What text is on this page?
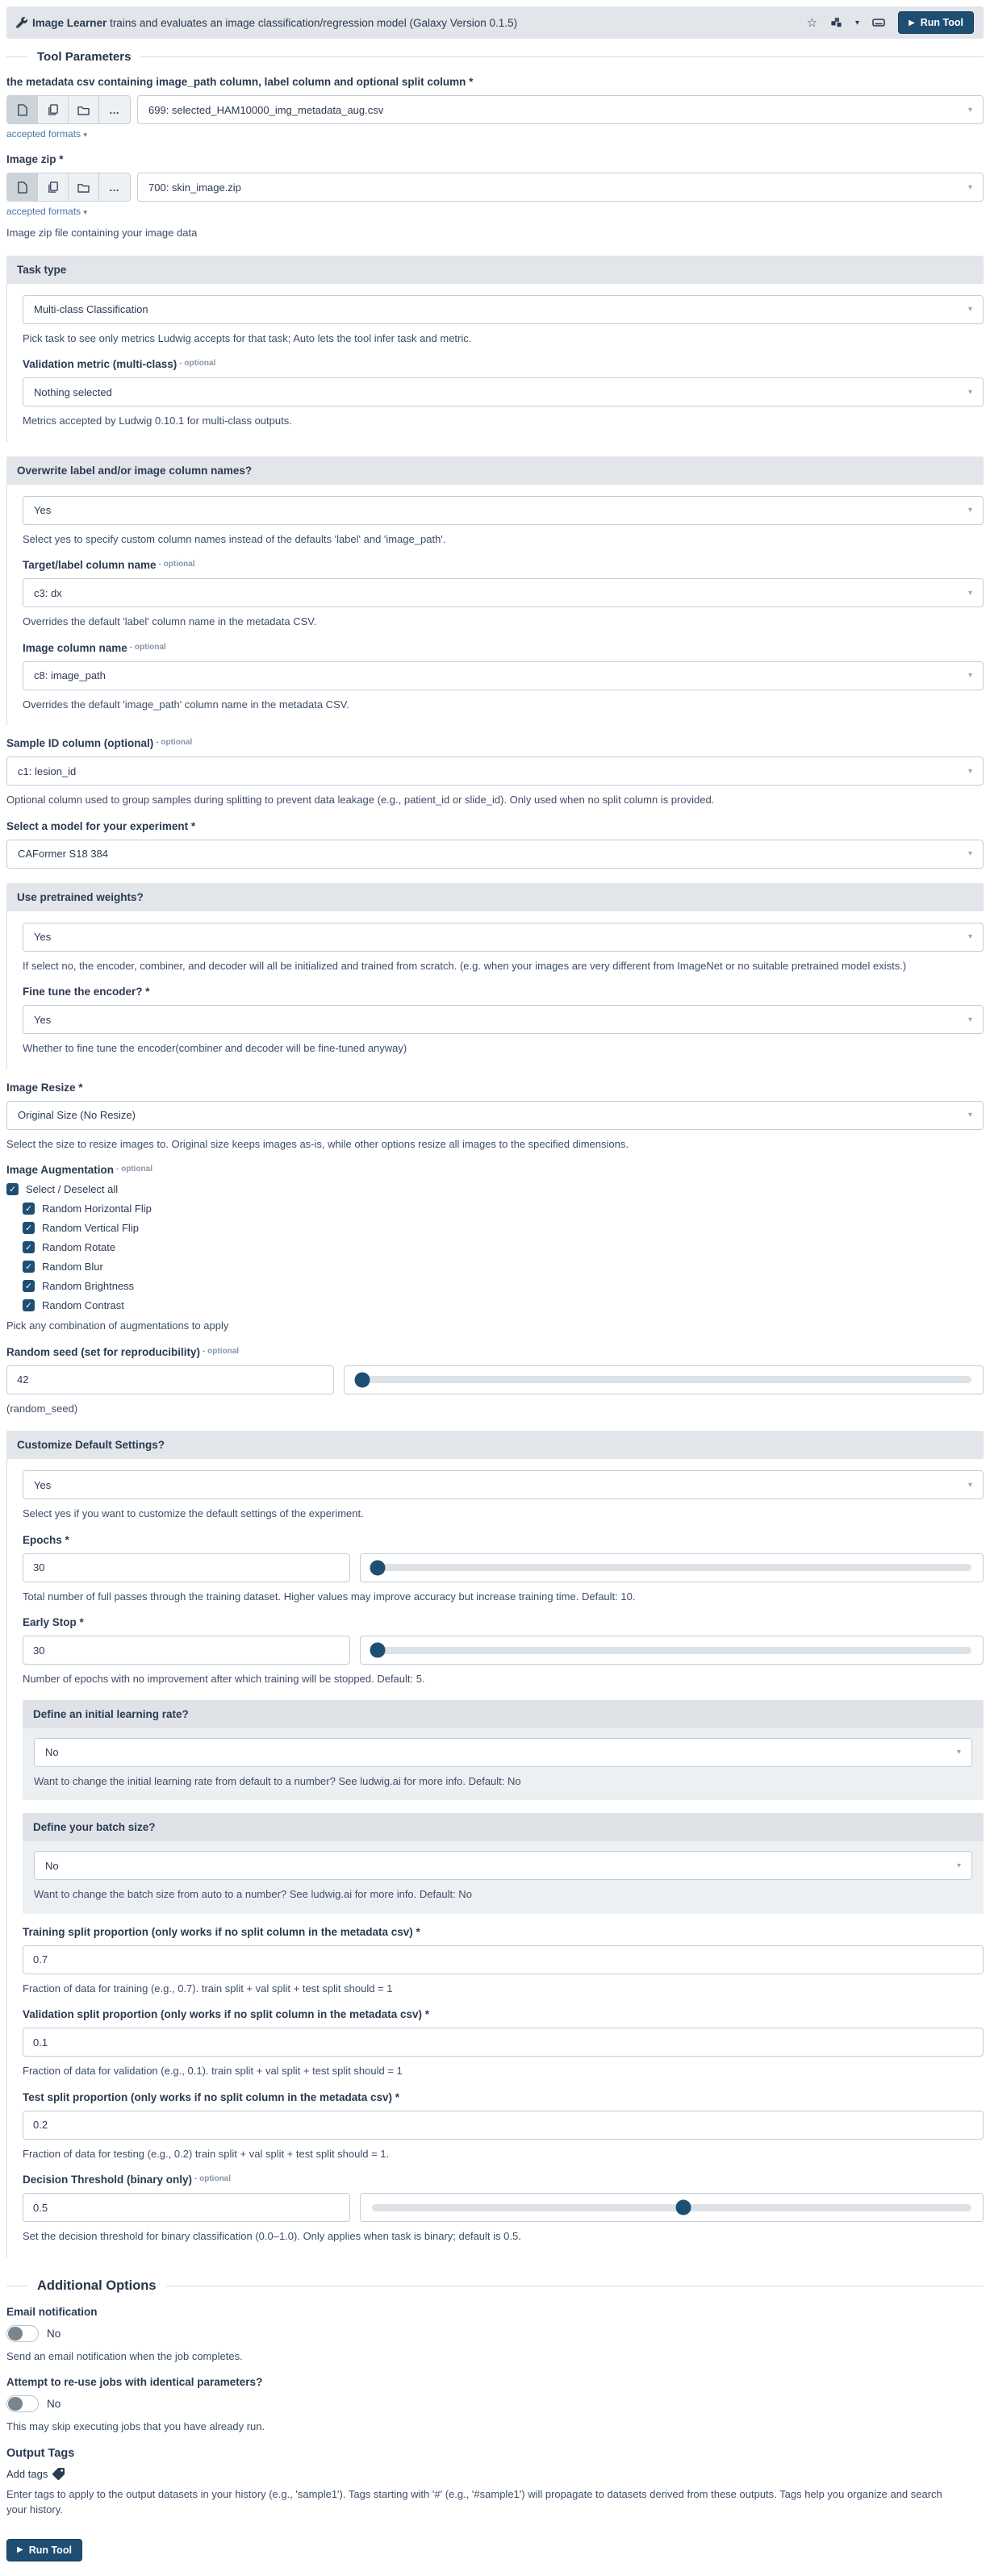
Image Learner trains and evaluates an image classification/regression model (Galaxy Version 0.1.5)	☆	▾	▶ Run Tool
Tool Parameters
the metadata csv containing image_path column, label column and optional split column *
…	699: selected_HAM10000_img_metadata_aug.csv	▾
accepted formats ▾
Image zip *
…	700: skin_image.zip	▾
accepted formats ▾
Image zip file containing your image data
Task type
Multi-class Classification	▾
Pick task to see only metrics Ludwig accepts for that task; Auto lets the tool infer task and metric.
Validation metric (multi-class) $^{- optional}$
Nothing selected	▾
Metrics accepted by Ludwig 0.10.1 for multi-class outputs.
Overwrite label and/or image column names?
Yes	▾
Select yes to specify custom column names instead of the defaults 'label' and 'image_path'.
Target/label column name $^{- optional}$
c3: dx	▾
Overrides the default 'label' column name in the metadata CSV.
Image column name $^{- optional}$
c8: image_path	▾
Overrides the default 'image_path' column name in the metadata CSV.
Sample ID column (optional) $^{- optional}$
c1: lesion_id	▾
Optional column used to group samples during splitting to prevent data leakage (e.g., patient_id or slide_id). Only used when no split column is provided.
Select a model for your experiment *
CAFormer S18 384	▾
Use pretrained weights?
Yes	▾
If select no, the encoder, combiner, and decoder will all be initialized and trained from scratch. (e.g. when your images are very different from ImageNet or no suitable pretrained model exists.)
Fine tune the encoder? *
Yes	▾
Whether to fine tune the encoder(combiner and decoder will be fine-tuned anyway)
Image Resize *
Original Size (No Resize)	▾
Select the size to resize images to. Original size keeps images as-is, while other options resize all images to the specified dimensions.
Image Augmentation $^{- optional}$
✓ Select / Deselect all
✓ Random Horizontal Flip
✓ Random Vertical Flip
✓ Random Rotate
✓ Random Blur
✓ Random Brightness
✓ Random Contrast
Pick any combination of augmentations to apply
Random seed (set for reproducibility) $^{- optional}$
42
(random_seed)
Customize Default Settings?
Yes	▾
Select yes if you want to customize the default settings of the experiment.
Epochs *
30
Total number of full passes through the training dataset. Higher values may improve accuracy but increase training time. Default: 10.
Early Stop *
30
Number of epochs with no improvement after which training will be stopped. Default: 5.
Define an initial learning rate?
No	▾
Want to change the initial learning rate from default to a number? See ludwig.ai for more info. Default: No
Define your batch size?
No	▾
Want to change the batch size from auto to a number? See ludwig.ai for more info. Default: No
Training split proportion (only works if no split column in the metadata csv) *
0.7
Fraction of data for training (e.g., 0.7). train split + val split + test split should = 1
Validation split proportion (only works if no split column in the metadata csv) *
0.1
Fraction of data for validation (e.g., 0.1). train split + val split + test split should = 1
Test split proportion (only works if no split column in the metadata csv) *
0.2
Fraction of data for testing (e.g., 0.2) train split + val split + test split should = 1.
Decision Threshold (binary only) $^{- optional}$
0.5
Set the decision threshold for binary classification (0.0–1.0). Only applies when task is binary; default is 0.5.
Additional Options
Email notification
No
Send an email notification when the job completes.
Attempt to re-use jobs with identical parameters?
No
This may skip executing jobs that you have already run.
Output Tags
Add tags
Enter tags to apply to the output datasets in your history (e.g., 'sample1'). Tags starting with '#' (e.g., '#sample1') will propagate to datasets derived from these outputs. Tags help you organize and search your history.
▶ Run Tool
